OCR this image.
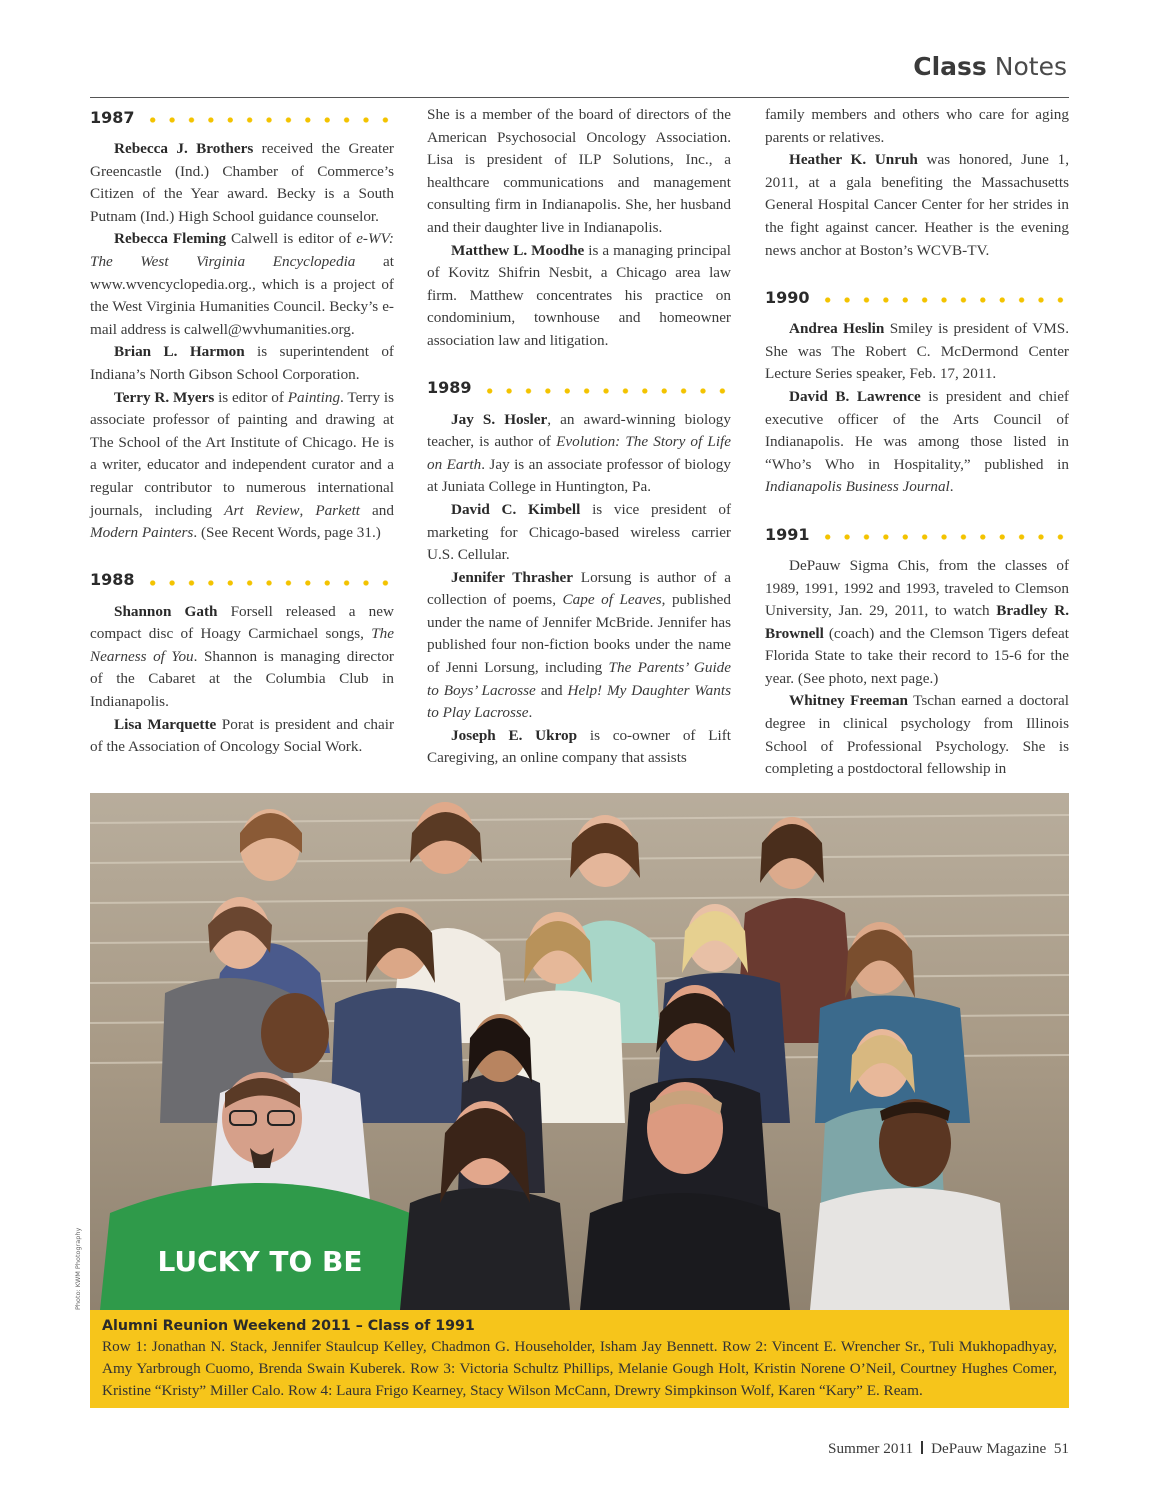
Class Notes
1987

Rebecca J. Brothers received the Greater Greencastle (Ind.) Chamber of Commerce’s Citizen of the Year award. Becky is a South Putnam (Ind.) High School guidance counselor.

Rebecca Fleming Calwell is editor of e-WV: The West Virginia Encyclopedia at www.wvencyclopedia.org., which is a project of the West Virginia Humanities Council. Becky’s e-mail address is calwell@wvhumanities.org.

Brian L. Harmon is superintendent of Indiana’s North Gibson School Corporation.

Terry R. Myers is editor of Painting. Terry is associate professor of painting and drawing at The School of the Art Institute of Chicago. He is a writer, educator and independent curator and a regular contributor to numerous international journals, including Art Review, Parkett and Modern Painters. (See Recent Words, page 31.)

1988

Shannon Gath Forsell released a new compact disc of Hoagy Carmichael songs, The Nearness of You. Shannon is managing director of the Cabaret at the Columbia Club in Indianapolis.

Lisa Marquette Porat is president and chair of the Association of Oncology Social Work.

She is a member of the board of directors of the American Psychosocial Oncology Association. Lisa is president of ILP Solutions, Inc., a healthcare communications and management consulting firm in Indianapolis. She, her husband and their daughter live in Indianapolis.

Matthew L. Moodhe is a managing principal of Kovitz Shifrin Nesbit, a Chicago area law firm. Matthew concentrates his practice on condominium, townhouse and homeowner association law and litigation.

1989

Jay S. Hosler, an award-winning biology teacher, is author of Evolution: The Story of Life on Earth. Jay is an associate professor of biology at Juniata College in Huntington, Pa.

David C. Kimbell is vice president of marketing for Chicago-based wireless carrier U.S. Cellular.

Jennifer Thrasher Lorsung is author of a collection of poems, Cape of Leaves, published under the name of Jennifer McBride. Jennifer has published four non-fiction books under the name of Jenni Lorsung, including The Parents’ Guide to Boys’ Lacrosse and Help! My Daughter Wants to Play Lacrosse.

Joseph E. Ukrop is co-owner of Lift Caregiving, an online company that assists

family members and others who care for aging parents or relatives.

Heather K. Unruh was honored, June 1, 2011, at a gala benefiting the Massachusetts General Hospital Cancer Center for her strides in the fight against cancer. Heather is the evening news anchor at Boston’s WCVB-TV.

1990

Andrea Heslin Smiley is president of VMS. She was The Robert C. McDermond Center Lecture Series speaker, Feb. 17, 2011.

David B. Lawrence is president and chief executive officer of the Arts Council of Indianapolis. He was among those listed in “Who’s Who in Hospitality,” published in Indianapolis Business Journal.

1991

DePauw Sigma Chis, from the classes of 1989, 1991, 1992 and 1993, traveled to Clemson University, Jan. 29, 2011, to watch Bradley R. Brownell (coach) and the Clemson Tigers defeat Florida State to take their record to 15-6 for the year. (See photo, next page.)

Whitney Freeman Tschan earned a doctoral degree in clinical psychology from Illinois School of Professional Psychology. She is completing a postdoctoral fellowship in

Photo: KWM Photography	LUCKY TO BE
Alumni Reunion Weekend 2011 – Class of 1991
Row 1: Jonathan N. Stack, Jennifer Staulcup Kelley, Chadmon G. Householder, Isham Jay Bennett. Row 2: Vincent E. Wrencher Sr., Tuli Mukhopadhyay, Amy Yarbrough Cuomo, Brenda Swain Kuberek. Row 3: Victoria Schultz Phillips, Melanie Gough Holt, Kristin Norene O’Neil, Courtney Hughes Comer, Kristine “Kristy” Miller Calo. Row 4: Laura Frigo Kearney, Stacy Wilson McCann, Drewry Simpkinson Wolf, Karen “Kary” E. Ream.
Summer 2011 DePauw Magazine 51
